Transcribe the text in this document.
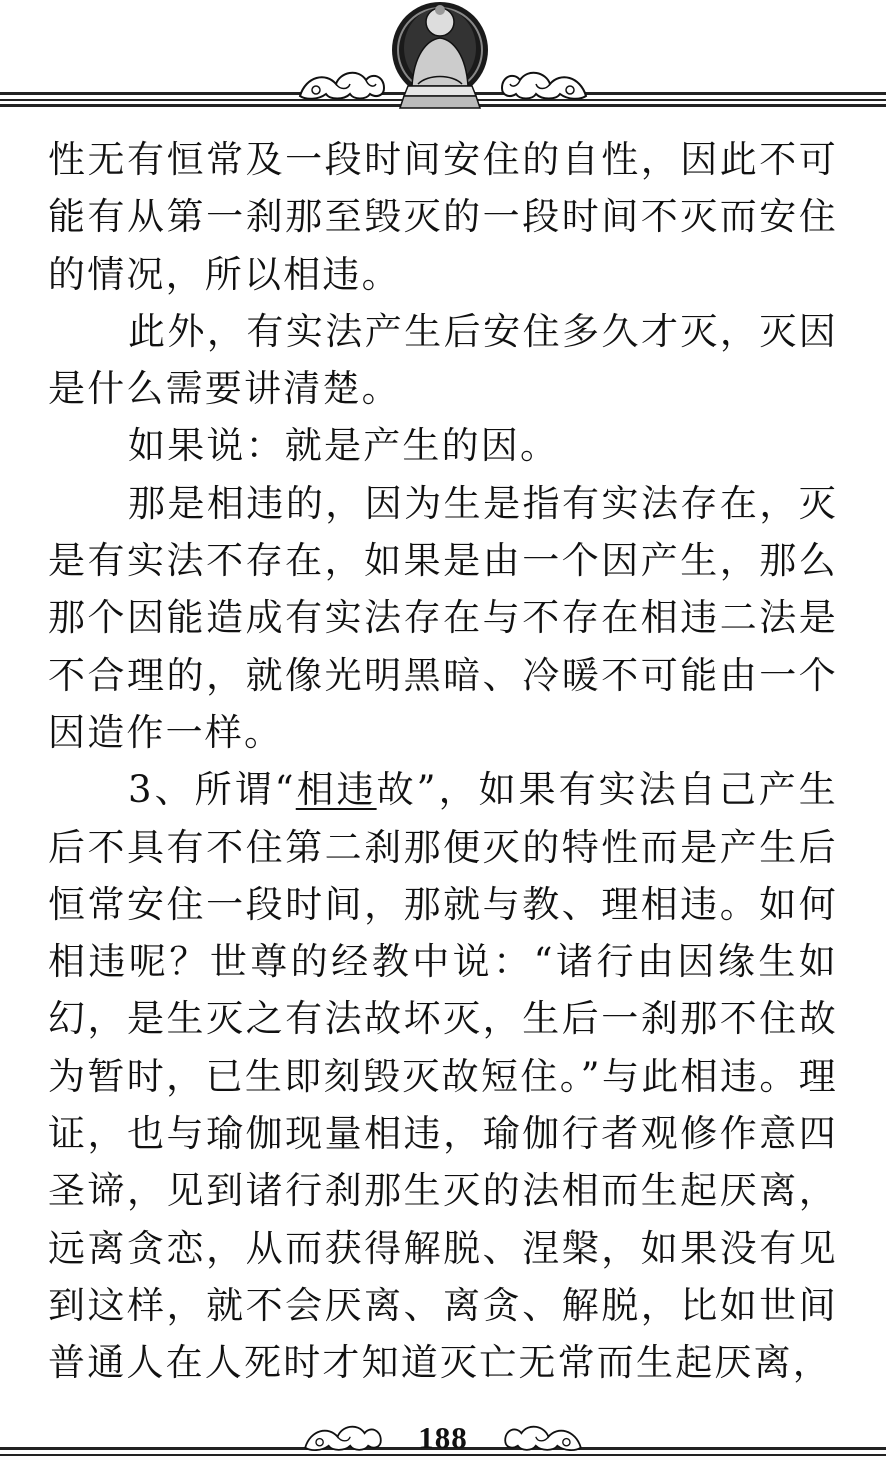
性无有恒常及一段时间安住的自性，因此不可能有从第一刹那至毁灭的一段时间不灭而安住的情况，所以相违。

此外，有实法产生后安住多久才灭，灭因是什么需要讲清楚。

如果说：就是产生的因。

那是相违的，因为生是指有实法存在，灭是有实法不存在，如果是由一个因产生，那么那个因能造成有实法存在与不存在相违二法是不合理的，就像光明黑暗、冷暖不可能由一个因造作一样。

3、所谓“相违故”，如果有实法自己产生后不具有不住第二刹那便灭的特性而是产生后恒常安住一段时间，那就与教、理相违。如何相违呢？世尊的经教中说：“诸行由因缘生如幻，是生灭之有法故坏灭，生后一刹那不住故为暂时，已生即刻毁灭故短住。”与此相违。理证，也与瑜伽现量相违，瑜伽行者观修作意四圣谛，见到诸行刹那生灭的法相而生起厌离，远离贪恋，从而获得解脱、涅槃，如果没有见到这样，就不会厌离、离贪、解脱，比如世间普通人在人死时才知道灭亡无常而生起厌离，

188
